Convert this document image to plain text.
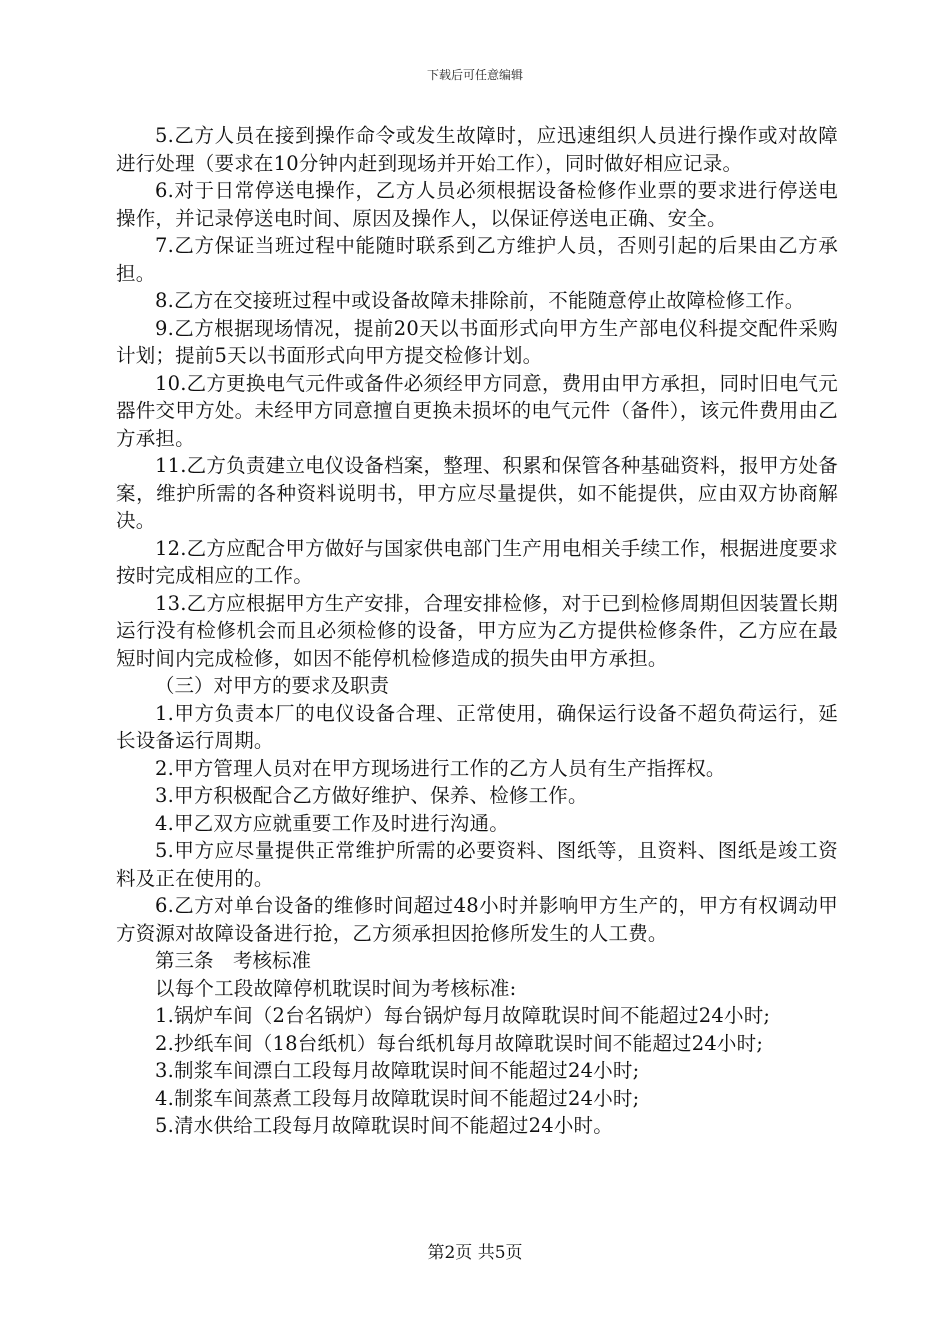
下载后可任意编辑

5.乙方人员在接到操作命令或发生故障时，应迅速组织人员进行操作或对故障进行处理（要求在10分钟内赶到现场并开始工作），同时做好相应记录。

6.对于日常停送电操作，乙方人员必须根据设备检修作业票的要求进行停送电操作，并记录停送电时间、原因及操作人，以保证停送电正确、安全。

7.乙方保证当班过程中能随时联系到乙方维护人员，否则引起的后果由乙方承担。

8.乙方在交接班过程中或设备故障未排除前，不能随意停止故障检修工作。

9.乙方根据现场情况，提前20天以书面形式向甲方生产部电仪科提交配件采购计划；提前5天以书面形式向甲方提交检修计划。

10.乙方更换电气元件或备件必须经甲方同意，费用由甲方承担，同时旧电气元器件交甲方处。未经甲方同意擅自更换未损坏的电气元件（备件），该元件费用由乙方承担。

11.乙方负责建立电仪设备档案，整理、积累和保管各种基础资料，报甲方处备案，维护所需的各种资料说明书，甲方应尽量提供，如不能提供，应由双方协商解决。

12.乙方应配合甲方做好与国家供电部门生产用电相关手续工作，根据进度要求按时完成相应的工作。

13.乙方应根据甲方生产安排，合理安排检修，对于已到检修周期但因装置长期运行没有检修机会而且必须检修的设备，甲方应为乙方提供检修条件，乙方应在最短时间内完成检修，如因不能停机检修造成的损失由甲方承担。

（三）对甲方的要求及职责

1.甲方负责本厂的电仪设备合理、正常使用，确保运行设备不超负荷运行，延长设备运行周期。

2.甲方管理人员对在甲方现场进行工作的乙方人员有生产指挥权。

3.甲方积极配合乙方做好维护、保养、检修工作。

4.甲乙双方应就重要工作及时进行沟通。

5.甲方应尽量提供正常维护所需的必要资料、图纸等，且资料、图纸是竣工资料及正在使用的。

6.乙方对单台设备的维修时间超过48小时并影响甲方生产的，甲方有权调动甲方资源对故障设备进行抢，乙方须承担因抢修所发生的人工费。

第三条　考核标准

以每个工段故障停机耽误时间为考核标准:

1.锅炉车间（2台名锅炉）每台锅炉每月故障耽误时间不能超过24小时;

2.抄纸车间（18台纸机）每台纸机每月故障耽误时间不能超过24小时;

3.制浆车间漂白工段每月故障耽误时间不能超过24小时;

4.制浆车间蒸煮工段每月故障耽误时间不能超过24小时;

5.清水供给工段每月故障耽误时间不能超过24小时。

第2页 共5页
